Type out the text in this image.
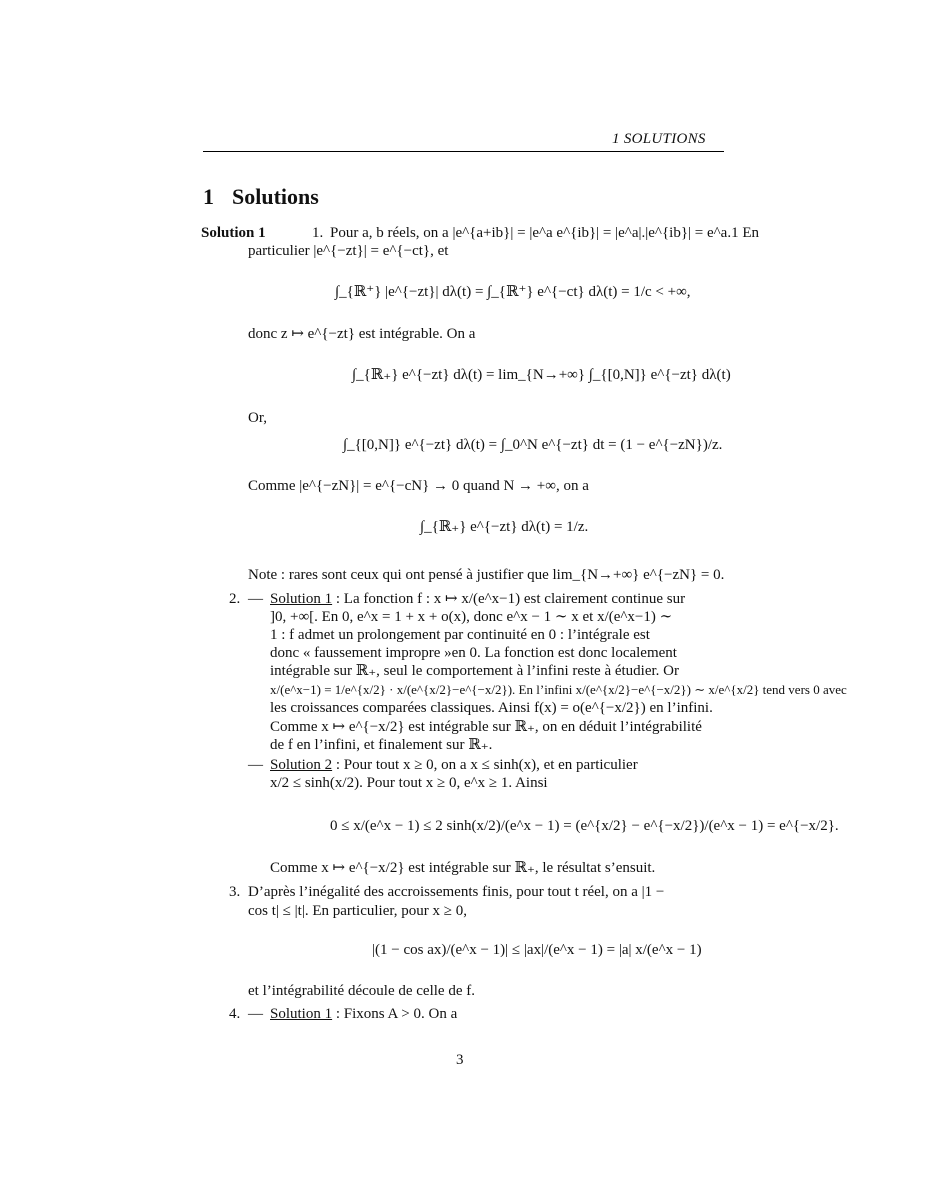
1 SOLUTIONS
1 Solutions
Solution 1	1. Pour a, b réels, on a |e^{a+ib}| = |e^a e^{ib}| = |e^a|.|e^{ib}| = e^a.1 En
particulier |e^{−zt}| = e^{−ct}, et
∫_{ℝ⁺} |e^{−zt}| dλ(t) = ∫_{ℝ⁺} e^{−ct} dλ(t) = 1/c < +∞,
donc z ↦ e^{−zt} est intégrable. On a
∫_{ℝ₊} e^{−zt} dλ(t) = lim_{N→+∞} ∫_{[0,N]} e^{−zt} dλ(t)
Or,
∫_{[0,N]} e^{−zt} dλ(t) = ∫_0^N e^{−zt} dt = (1 − e^{−zN})/z.
Comme |e^{−zN}| = e^{−cN} → 0 quand N → +∞, on a
∫_{ℝ₊} e^{−zt} dλ(t) = 1/z.
Note : rares sont ceux qui ont pensé à justifier que lim_{N→+∞} e^{−zN} = 0.
2. — Solution 1 : La fonction f : x ↦ x/(e^x−1) est clairement continue sur
]0, +∞[. En 0, e^x = 1 + x + o(x), donc e^x − 1 ∼ x et x/(e^x−1) ∼
1 : f admet un prolongement par continuité en 0 : l’intégrale est
donc « faussement impropre »en 0. La fonction est donc localement
intégrable sur ℝ₊, seul le comportement à l’infini reste à étudier. Or
x/(e^x−1) = 1/e^{x/2} · x/(e^{x/2}−e^{−x/2}). En l’infini x/(e^{x/2}−e^{−x/2}) ∼ x/e^{x/2} tend vers 0 avec
les croissances comparées classiques. Ainsi f(x) = o(e^{−x/2}) en l’infini.
Comme x ↦ e^{−x/2} est intégrable sur ℝ₊, on en déduit l’intégrabilité
de f en l’infini, et finalement sur ℝ₊.
— Solution 2 : Pour tout x ≥ 0, on a x ≤ sinh(x), et en particulier
x/2 ≤ sinh(x/2). Pour tout x ≥ 0, e^x ≥ 1. Ainsi
0 ≤ x/(e^x − 1) ≤ 2 sinh(x/2)/(e^x − 1) = (e^{x/2} − e^{−x/2})/(e^x − 1) = e^{−x/2}.
Comme x ↦ e^{−x/2} est intégrable sur ℝ₊, le résultat s’ensuit.
3. D’après l’inégalité des accroissements finis, pour tout t réel, on a |1 −
cos t| ≤ |t|. En particulier, pour x ≥ 0,
|(1 − cos ax)/(e^x − 1)| ≤ |ax|/(e^x − 1) = |a| x/(e^x − 1)
et l’intégrabilité découle de celle de f.
4. — Solution 1 : Fixons A > 0. On a
3
